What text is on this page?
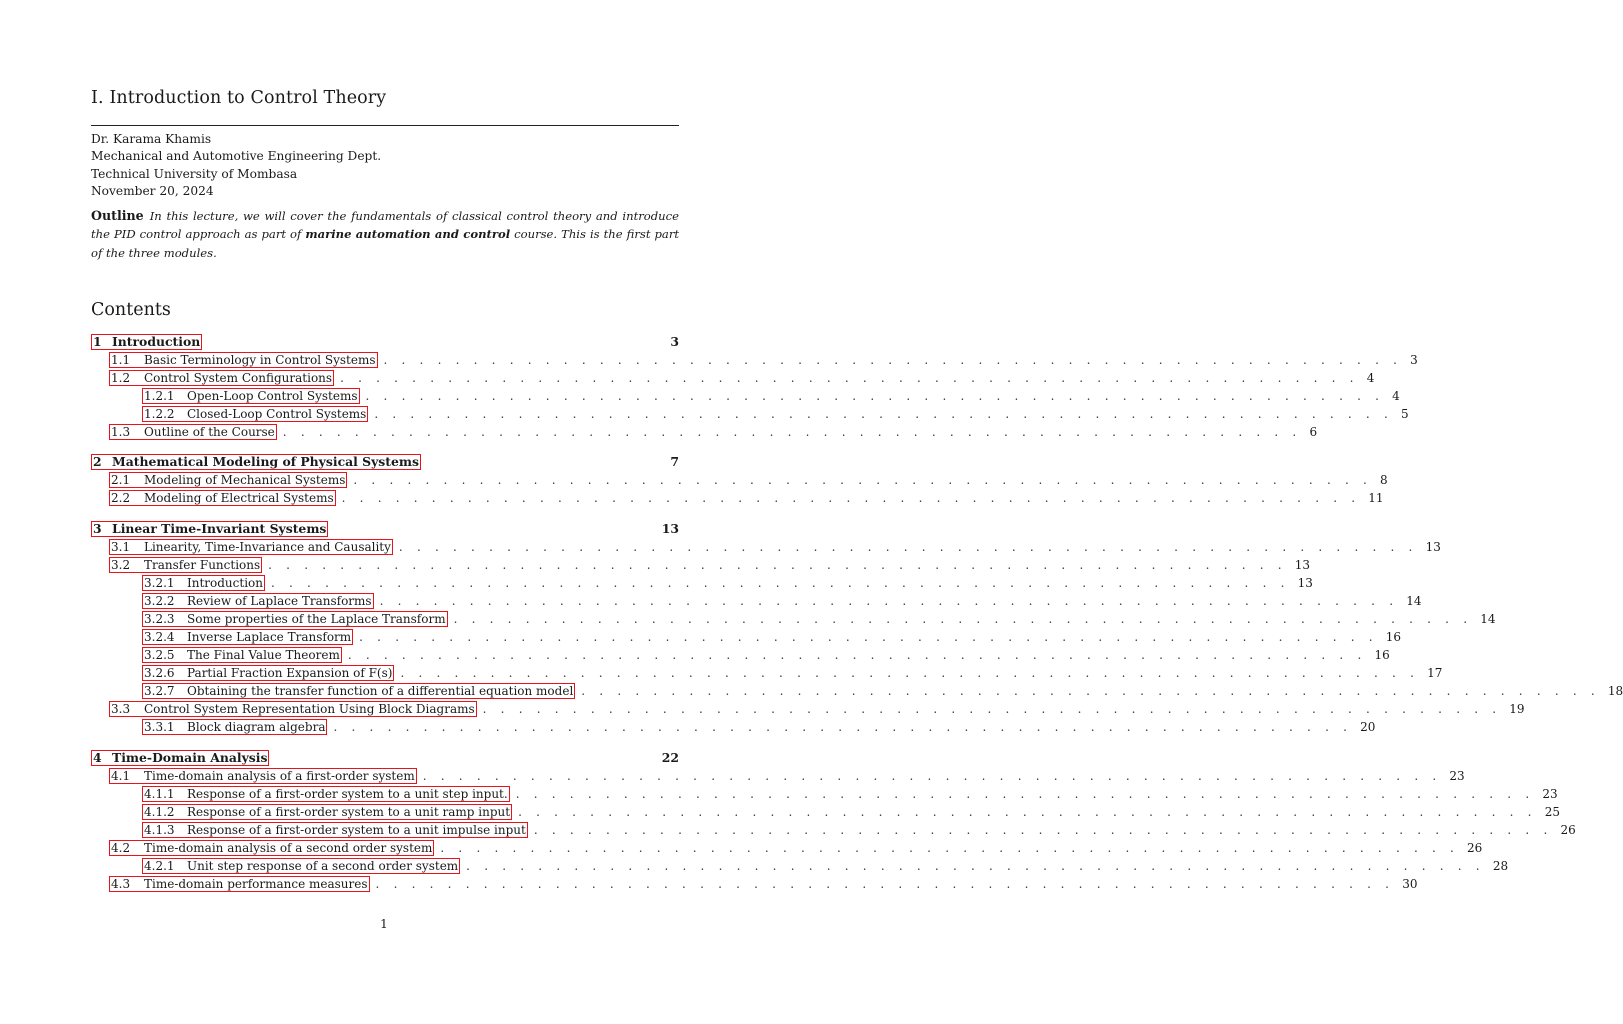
I. Introduction to Control Theory
Dr. Karama Khamis
Mechanical and Automotive Engineering Dept.
Technical University of Mombasa
November 20, 2024

Outline In this lecture, we will cover the fundamentals of classical control theory and introduce the PID control approach as part of marine automation and control course. This is the first part of the three modules.

Contents
1 Introduction	3
1.1	Basic Terminology in Control Systems . . . . . . . . . . . . . . . . . . . . . . . . . . . . . . . . . . . . . . . . . . . . . . . . . . . . . . . . . 3
1.2	Control System Configurations . . . . . . . . . . . . . . . . . . . . . . . . . . . . . . . . . . . . . . . . . . . . . . . . . . . . . . . . . 4
1.2.1	Open-Loop Control Systems . . . . . . . . . . . . . . . . . . . . . . . . . . . . . . . . . . . . . . . . . . . . . . . . . . . . . . . . . 4
1.2.2	Closed-Loop Control Systems . . . . . . . . . . . . . . . . . . . . . . . . . . . . . . . . . . . . . . . . . . . . . . . . . . . . . . . . . 5
1.3	Outline of the Course . . . . . . . . . . . . . . . . . . . . . . . . . . . . . . . . . . . . . . . . . . . . . . . . . . . . . . . . . 6
2 Mathematical Modeling of Physical Systems	7
2.1	Modeling of Mechanical Systems . . . . . . . . . . . . . . . . . . . . . . . . . . . . . . . . . . . . . . . . . . . . . . . . . . . . . . . . . 8
2.2	Modeling of Electrical Systems . . . . . . . . . . . . . . . . . . . . . . . . . . . . . . . . . . . . . . . . . . . . . . . . . . . . . . . . . 11
3 Linear Time-Invariant Systems	13
3.1	Linearity, Time-Invariance and Causality . . . . . . . . . . . . . . . . . . . . . . . . . . . . . . . . . . . . . . . . . . . . . . . . . . . . . . . . . 13
3.2	Transfer Functions . . . . . . . . . . . . . . . . . . . . . . . . . . . . . . . . . . . . . . . . . . . . . . . . . . . . . . . . . 13
3.2.1	Introduction . . . . . . . . . . . . . . . . . . . . . . . . . . . . . . . . . . . . . . . . . . . . . . . . . . . . . . . . . 13
3.2.2	Review of Laplace Transforms . . . . . . . . . . . . . . . . . . . . . . . . . . . . . . . . . . . . . . . . . . . . . . . . . . . . . . . . . 14
3.2.3	Some properties of the Laplace Transform . . . . . . . . . . . . . . . . . . . . . . . . . . . . . . . . . . . . . . . . . . . . . . . . . . . . . . . . . 14
3.2.4	Inverse Laplace Transform . . . . . . . . . . . . . . . . . . . . . . . . . . . . . . . . . . . . . . . . . . . . . . . . . . . . . . . . . 16
3.2.5	The Final Value Theorem . . . . . . . . . . . . . . . . . . . . . . . . . . . . . . . . . . . . . . . . . . . . . . . . . . . . . . . . . 16
3.2.6	Partial Fraction Expansion of F(s) . . . . . . . . . . . . . . . . . . . . . . . . . . . . . . . . . . . . . . . . . . . . . . . . . . . . . . . . . 17
3.2.7	Obtaining the transfer function of a differential equation model . . . . . . . . . . . . . . . . . . . . . . . . . . . . . . . . . . . . . . . . . . . . . . . . . . . . . . . . . 18
3.3	Control System Representation Using Block Diagrams . . . . . . . . . . . . . . . . . . . . . . . . . . . . . . . . . . . . . . . . . . . . . . . . . . . . . . . . . 19
3.3.1	Block diagram algebra . . . . . . . . . . . . . . . . . . . . . . . . . . . . . . . . . . . . . . . . . . . . . . . . . . . . . . . . . 20
4 Time-Domain Analysis	22
4.1	Time-domain analysis of a first-order system . . . . . . . . . . . . . . . . . . . . . . . . . . . . . . . . . . . . . . . . . . . . . . . . . . . . . . . . . 23
4.1.1	Response of a first-order system to a unit step input. . . . . . . . . . . . . . . . . . . . . . . . . . . . . . . . . . . . . . . . . . . . . . . . . . . . . . . . . . 23
4.1.2	Response of a first-order system to a unit ramp input . . . . . . . . . . . . . . . . . . . . . . . . . . . . . . . . . . . . . . . . . . . . . . . . . . . . . . . . . 25
4.1.3	Response of a first-order system to a unit impulse input . . . . . . . . . . . . . . . . . . . . . . . . . . . . . . . . . . . . . . . . . . . . . . . . . . . . . . . . . 26
4.2	Time-domain analysis of a second order system . . . . . . . . . . . . . . . . . . . . . . . . . . . . . . . . . . . . . . . . . . . . . . . . . . . . . . . . . 26
4.2.1	Unit step response of a second order system . . . . . . . . . . . . . . . . . . . . . . . . . . . . . . . . . . . . . . . . . . . . . . . . . . . . . . . . . 28
4.3	Time-domain performance measures . . . . . . . . . . . . . . . . . . . . . . . . . . . . . . . . . . . . . . . . . . . . . . . . . . . . . . . . . 30
1
